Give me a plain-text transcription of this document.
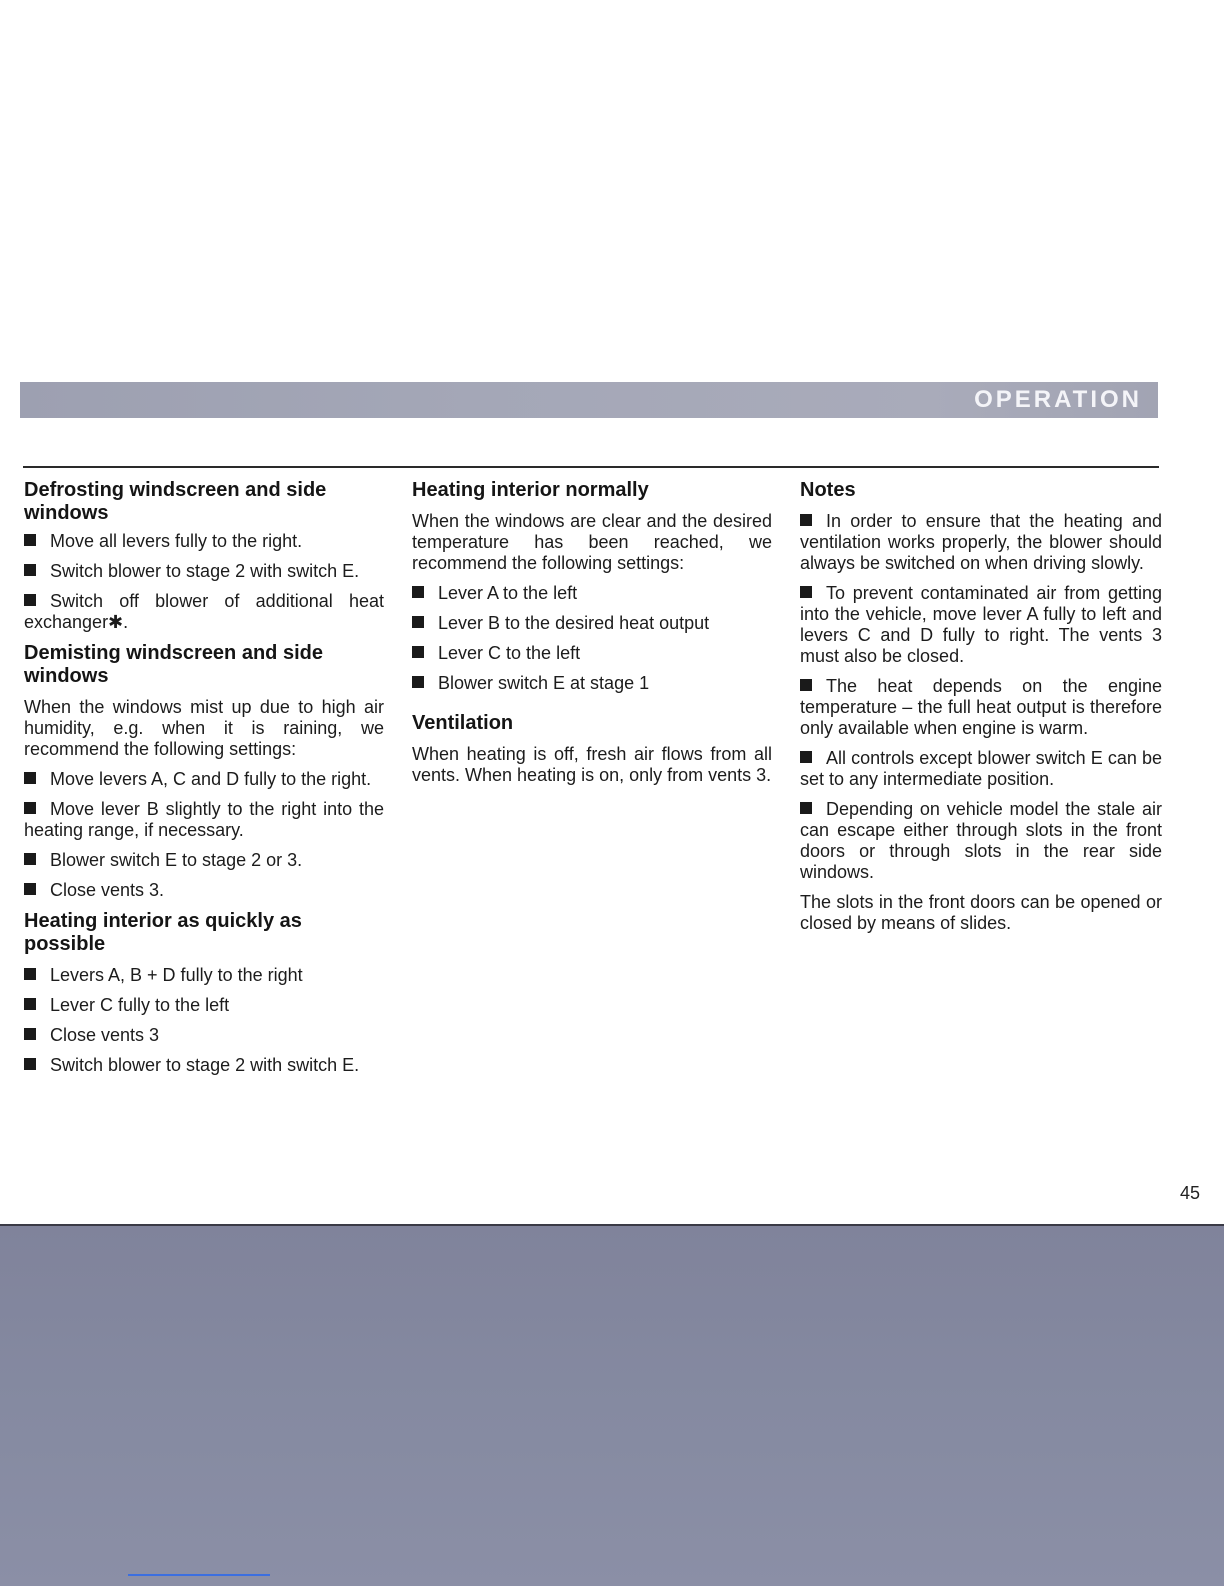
OPERATION
Defrosting windscreen and side windows

Move all levers fully to the right.

Switch blower to stage 2 with switch E.

Switch off blower of additional heat exchanger✱.

Demisting windscreen and side windows

When the windows mist up due to high air humidity, e.g. when it is raining, we recommend the following settings:

Move levers A, C and D fully to the right.

Move lever B slightly to the right into the heating range, if necessary.

Blower switch E to stage 2 or 3.

Close vents 3.

Heating interior as quickly as possible

Levers A, B + D fully to the right

Lever C fully to the left

Close vents 3

Switch blower to stage 2 with switch E.

Heating interior normally

When the windows are clear and the desired temperature has been reached, we recommend the following settings:

Lever A to the left

Lever B to the desired heat output

Lever C to the left

Blower switch E at stage 1

Ventilation

When heating is off, fresh air flows from all vents. When heating is on, only from vents 3.

Notes

In order to ensure that the heating and ventilation works properly, the blower should always be switched on when driving slowly.

To prevent contaminated air from getting into the vehicle, move lever A fully to left and levers C and D fully to right. The vents 3 must also be closed.

The heat depends on the engine temperature – the full heat output is therefore only available when engine is warm.

All controls except blower switch E can be set to any intermediate position.

Depending on vehicle model the stale air can escape either through slots in the front doors or through slots in the rear side windows.

The slots in the front doors can be opened or closed by means of slides.

45
